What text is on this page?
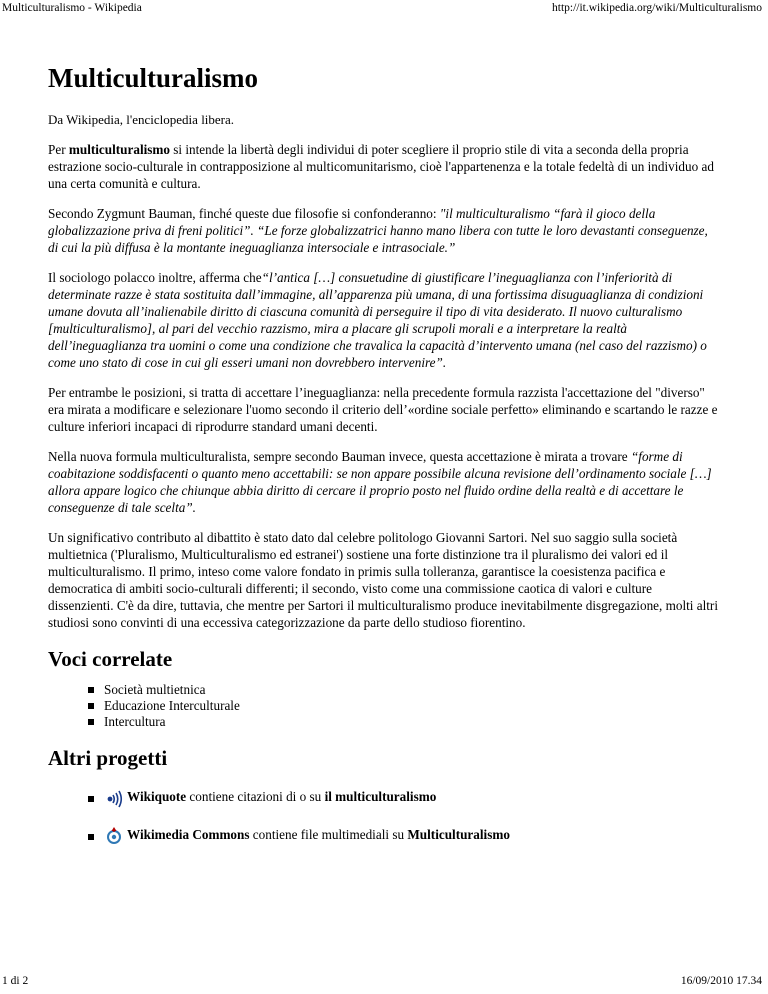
Multiculturalismo - Wikipedia	http://it.wikipedia.org/wiki/Multiculturalismo
Multiculturalismo
Da Wikipedia, l'enciclopedia libera.

Per multiculturalismo si intende la libertà degli individui di poter scegliere il proprio stile di vita a seconda della propria estrazione socio-culturale in contrapposizione al multicomunitarismo, cioè l'appartenenza e la totale fedeltà di un individuo ad una certa comunità e cultura.

Secondo Zygmunt Bauman, finché queste due filosofie si confonderanno: "il multiculturalismo “farà il gioco della globalizzazione priva di freni politici”. “Le forze globalizzatrici hanno mano libera con tutte le loro devastanti conseguenze, di cui la più diffusa è la montante ineguaglianza intersociale e intrasociale.”

Il sociologo polacco inoltre, afferma che“l’antica […] consuetudine di giustificare l’ineguaglianza con l’inferiorità di determinate razze è stata sostituita dall’immagine, all’apparenza più umana, di una fortissima disuguaglianza di condizioni umane dovuta all’inalienabile diritto di ciascuna comunità di perseguire il tipo di vita desiderato. Il nuovo culturalismo [multiculturalismo], al pari del vecchio razzismo, mira a placare gli scrupoli morali e a interpretare la realtà dell’ineguaglianza tra uomini o come una condizione che travalica la capacità d’intervento umana (nel caso del razzismo) o come uno stato di cose in cui gli esseri umani non dovrebbero intervenire”.

Per entrambe le posizioni, si tratta di accettare l’ineguaglianza: nella precedente formula razzista l'accettazione del "diverso" era mirata a modificare e selezionare l'uomo secondo il criterio dell’«ordine sociale perfetto» eliminando e scartando le razze e culture inferiori incapaci di riprodurre standard umani decenti.

Nella nuova formula multiculturalista, sempre secondo Bauman invece, questa accettazione è mirata a trovare “forme di coabitazione soddisfacenti o quanto meno accettabili: se non appare possibile alcuna revisione dell’ordinamento sociale […] allora appare logico che chiunque abbia diritto di cercare il proprio posto nel fluido ordine della realtà e di accettare le conseguenze di tale scelta”.

Un significativo contributo al dibattito è stato dato dal celebre politologo Giovanni Sartori. Nel suo saggio sulla società multietnica ('Pluralismo, Multiculturalismo ed estranei') sostiene una forte distinzione tra il pluralismo dei valori ed il multiculturalismo. Il primo, inteso come valore fondato in primis sulla tolleranza, garantisce la coesistenza pacifica e democratica di ambiti socio-culturali differenti; il secondo, visto come una commissione caotica di valori e culture dissenzienti. C'è da dire, tuttavia, che mentre per Sartori il multiculturalismo produce inevitabilmente disgregazione, molti altri studiosi sono convinti di una eccessiva categorizzazione da parte dello studioso fiorentino.

Voci correlate
Società multietnica
Educazione Interculturale
Intercultura
Altri progetti
Wikiquote contiene citazioni di o su il multiculturalismo
Wikimedia Commons contiene file multimediali su Multiculturalismo
1 di 2	16/09/2010 17.34
